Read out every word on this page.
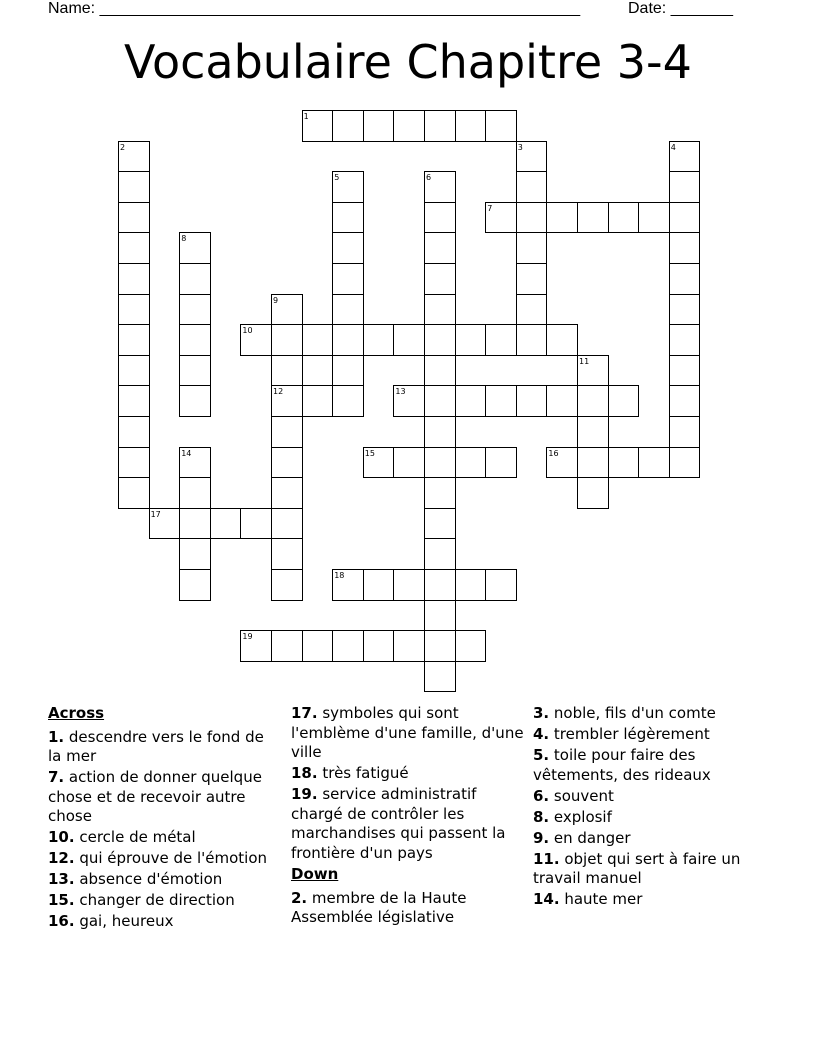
Name: ______________________________________________________	Date: _______
Vocabulaire Chapitre 3-4
1
2	3	4
5	6
7
8
9
10
11
12	13
14	15	16
17
18
19
Across
1. descendre vers le fond de la mer
7. action de donner quelque chose et de recevoir autre chose
10. cercle de métal
12. qui éprouve de l'émotion
13. absence d'émotion
15. changer de direction
16. gai, heureux
17. symboles qui sont l'emblème d'une famille, d'une ville
18. très fatigué
19. service administratif chargé de contrôler les marchandises qui passent la frontière d'un pays
Down
2. membre de la Haute Assemblée législative
3. noble, fils d'un comte
4. trembler légèrement
5. toile pour faire des vêtements, des rideaux
6. souvent
8. explosif
9. en danger
11. objet qui sert à faire un travail manuel
14. haute mer
